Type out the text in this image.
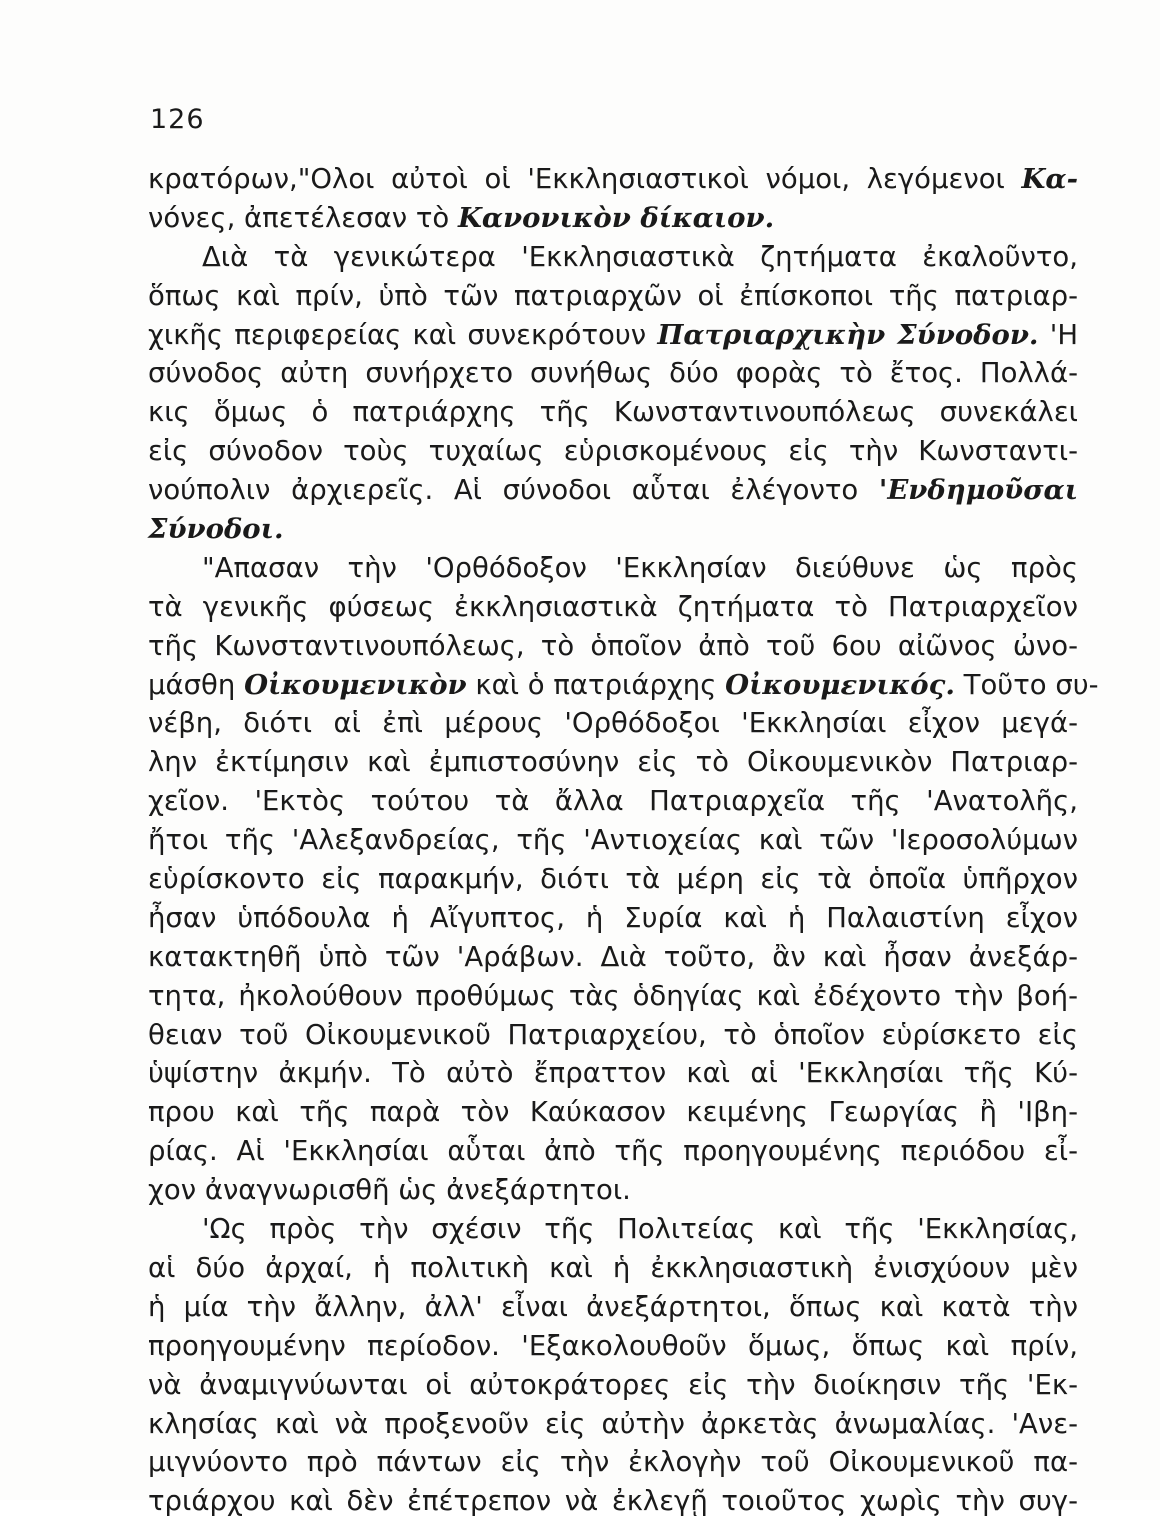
126
κρατόρων,"Ολοι αὐτοὶ οἱ 'Εκκλησιαστικοὶ νόμοι, λεγόμενοι Κα-
νόνες, ἀπετέλεσαν τὸ Κανονικὸν δίκαιον.
Διὰ τὰ γενικώτερα 'Εκκλησιαστικὰ ζητήματα ἐκαλοῦντο,
ὅπως καὶ πρίν, ὑπὸ τῶν πατριαρχῶν οἱ ἐπίσκοποι τῆς πατριαρ-
χικῆς περιφερείας καὶ συνεκρότουν Πατριαρχικὴν Σύνοδον. 'Η
σύνοδος αὐτη συνήρχετο συνήθως δύο φορὰς τὸ ἔτος. Πολλά-
κις ὅμως ὁ πατριάρχης τῆς Κωνσταντινουπόλεως συνεκάλει
εἰς σύνοδον τοὺς τυχαίως εὑρισκομένους εἰς τὴν Κωνσταντι-
νούπολιν ἀρχιερεῖς. Αἱ σύνοδοι αὗται ἐλέγοντο 'Ενδημοῦσαι
Σύνοδοι.
"Απασαν τὴν 'Ορθόδοξον 'Εκκλησίαν διεύθυνε ὡς πρὸς
τὰ γενικῆς φύσεως ἐκκλησιαστικὰ ζητήματα τὸ Πατριαρχεῖον
τῆς Κωνσταντινουπόλεως, τὸ ὁποῖον ἀπὸ τοῦ 6ου αἰῶνος ὠνο-
μάσθη Οἰκουμενικὸν καὶ ὁ πατριάρχης Οἰκουμενικός. Τοῦτο συ-
νέβη, διότι αἱ ἐπὶ μέρους 'Ορθόδοξοι 'Εκκλησίαι εἶχον μεγά-
λην ἐκτίμησιν καὶ ἐμπιστοσύνην εἰς τὸ Οἰκουμενικὸν Πατριαρ-
χεῖον. 'Εκτὸς τούτου τὰ ἄλλα Πατριαρχεῖα τῆς 'Ανατολῆς,
ἤτοι τῆς 'Αλεξανδρείας, τῆς 'Αντιοχείας καὶ τῶν 'Ιεροσολύμων
εὑρίσκοντο εἰς παρακμήν, διότι τὰ μέρη εἰς τὰ ὁποῖα ὑπῆρχον
ἦσαν ὑπόδουλα ἡ Αἴγυπτος, ἡ Συρία καὶ ἡ Παλαιστίνη εἶχον
κατακτηθῆ ὑπὸ τῶν 'Αράβων. Διὰ τοῦτο, ἂν καὶ ἦσαν ἀνεξάρ-
τητα, ἠκολούθουν προθύμως τὰς ὁδηγίας καὶ ἐδέχοντο τὴν βοή-
θειαν τοῦ Οἰκουμενικοῦ Πατριαρχείου, τὸ ὁποῖον εὑρίσκετο εἰς
ὑψίστην ἀκμήν. Τὸ αὐτὸ ἔπραττον καὶ αἱ 'Εκκλησίαι τῆς Κύ-
πρου καὶ τῆς παρὰ τὸν Καύκασον κειμένης Γεωργίας ἢ 'Ιβη-
ρίας. Αἱ 'Εκκλησίαι αὗται ἀπὸ τῆς προηγουμένης περιόδου εἶ-
χον ἀναγνωρισθῆ ὡς ἀνεξάρτητοι.
'Ως πρὸς τὴν σχέσιν τῆς Πολιτείας καὶ τῆς 'Εκκλησίας,
αἱ δύο ἀρχαί, ἡ πολιτικὴ καὶ ἡ ἐκκλησιαστικὴ ἐνισχύουν μὲν
ἡ μία τὴν ἄλλην, ἀλλ' εἶναι ἀνεξάρτητοι, ὅπως καὶ κατὰ τὴν
προηγουμένην περίοδον. 'Εξακολουθοῦν ὅμως, ὅπως καὶ πρίν,
νὰ ἀναμιγνύωνται οἱ αὐτοκράτορες εἰς τὴν διοίκησιν τῆς 'Εκ-
κλησίας καὶ νὰ προξενοῦν εἰς αὐτὴν ἀρκετὰς ἀνωμαλίας. 'Ανε-
μιγνύοντο πρὸ πάντων εἰς τὴν ἐκλογὴν τοῦ Οἰκουμενικοῦ πα-
τριάρχου καὶ δὲν ἐπέτρεπον νὰ ἐκλεγῇ τοιοῦτος χωρὶς τὴν συγ-
